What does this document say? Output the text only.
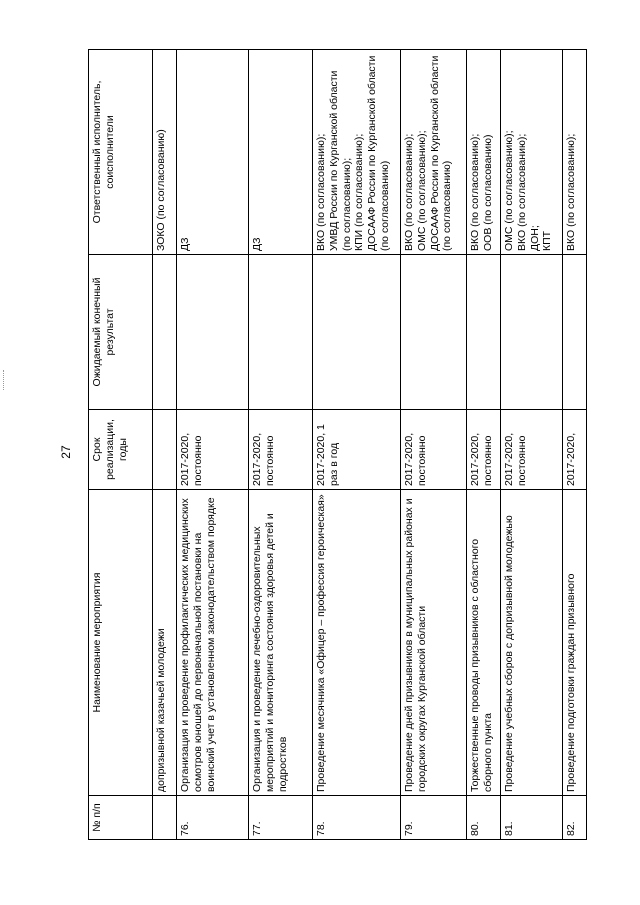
27
№ п/п	Наименование мероприятия	Срок реализации, годы	Ожидаемый конечный результат	Ответственный исполнитель, соисполнители
	допризывной казачьей молодежи			ЗОКО (по согласованию)
76.	Организация и проведение профилактических медицинских осмотров юношей до первоначальной постановки на воинский учет в установленном законодательством порядке	2017-2020, постоянно		ДЗ

77.	Организация и проведение лечебно-оздоровительных мероприятий и мониторинга состояния здоровья детей и подростков	2017-2020, постоянно		ДЗ

78.	Проведение месячника «Офицер – профессия героическая»	2017-2020, 1 раз в год		ВКО (по согласованию); УМВД России по Курганской области (по согласованию); КПИ (по согласованию); ДОСААФ России по Курганской области (по согласованию)

79.	Проведение дней призывников в муниципальных районах и городских округах Курганской области	2017-2020, постоянно		ВКО (по согласованию); ОМС (по согласованию); ДОСААФ России по Курганской области (по согласованию)

80.	Торжественные проводы призывников с областного сборного пункта	2017-2020, постоянно		ВКО (по согласованию); ООВ (по согласованию)

81.	Проведение учебных сборов с допризывной молодежью	2017-2020, постоянно		ОМС (по согласованию); ВКО (по согласованию); ДОН; КПТ

82.	Проведение подготовки граждан призывного	2017-2020,		ВКО (по согласованию);
